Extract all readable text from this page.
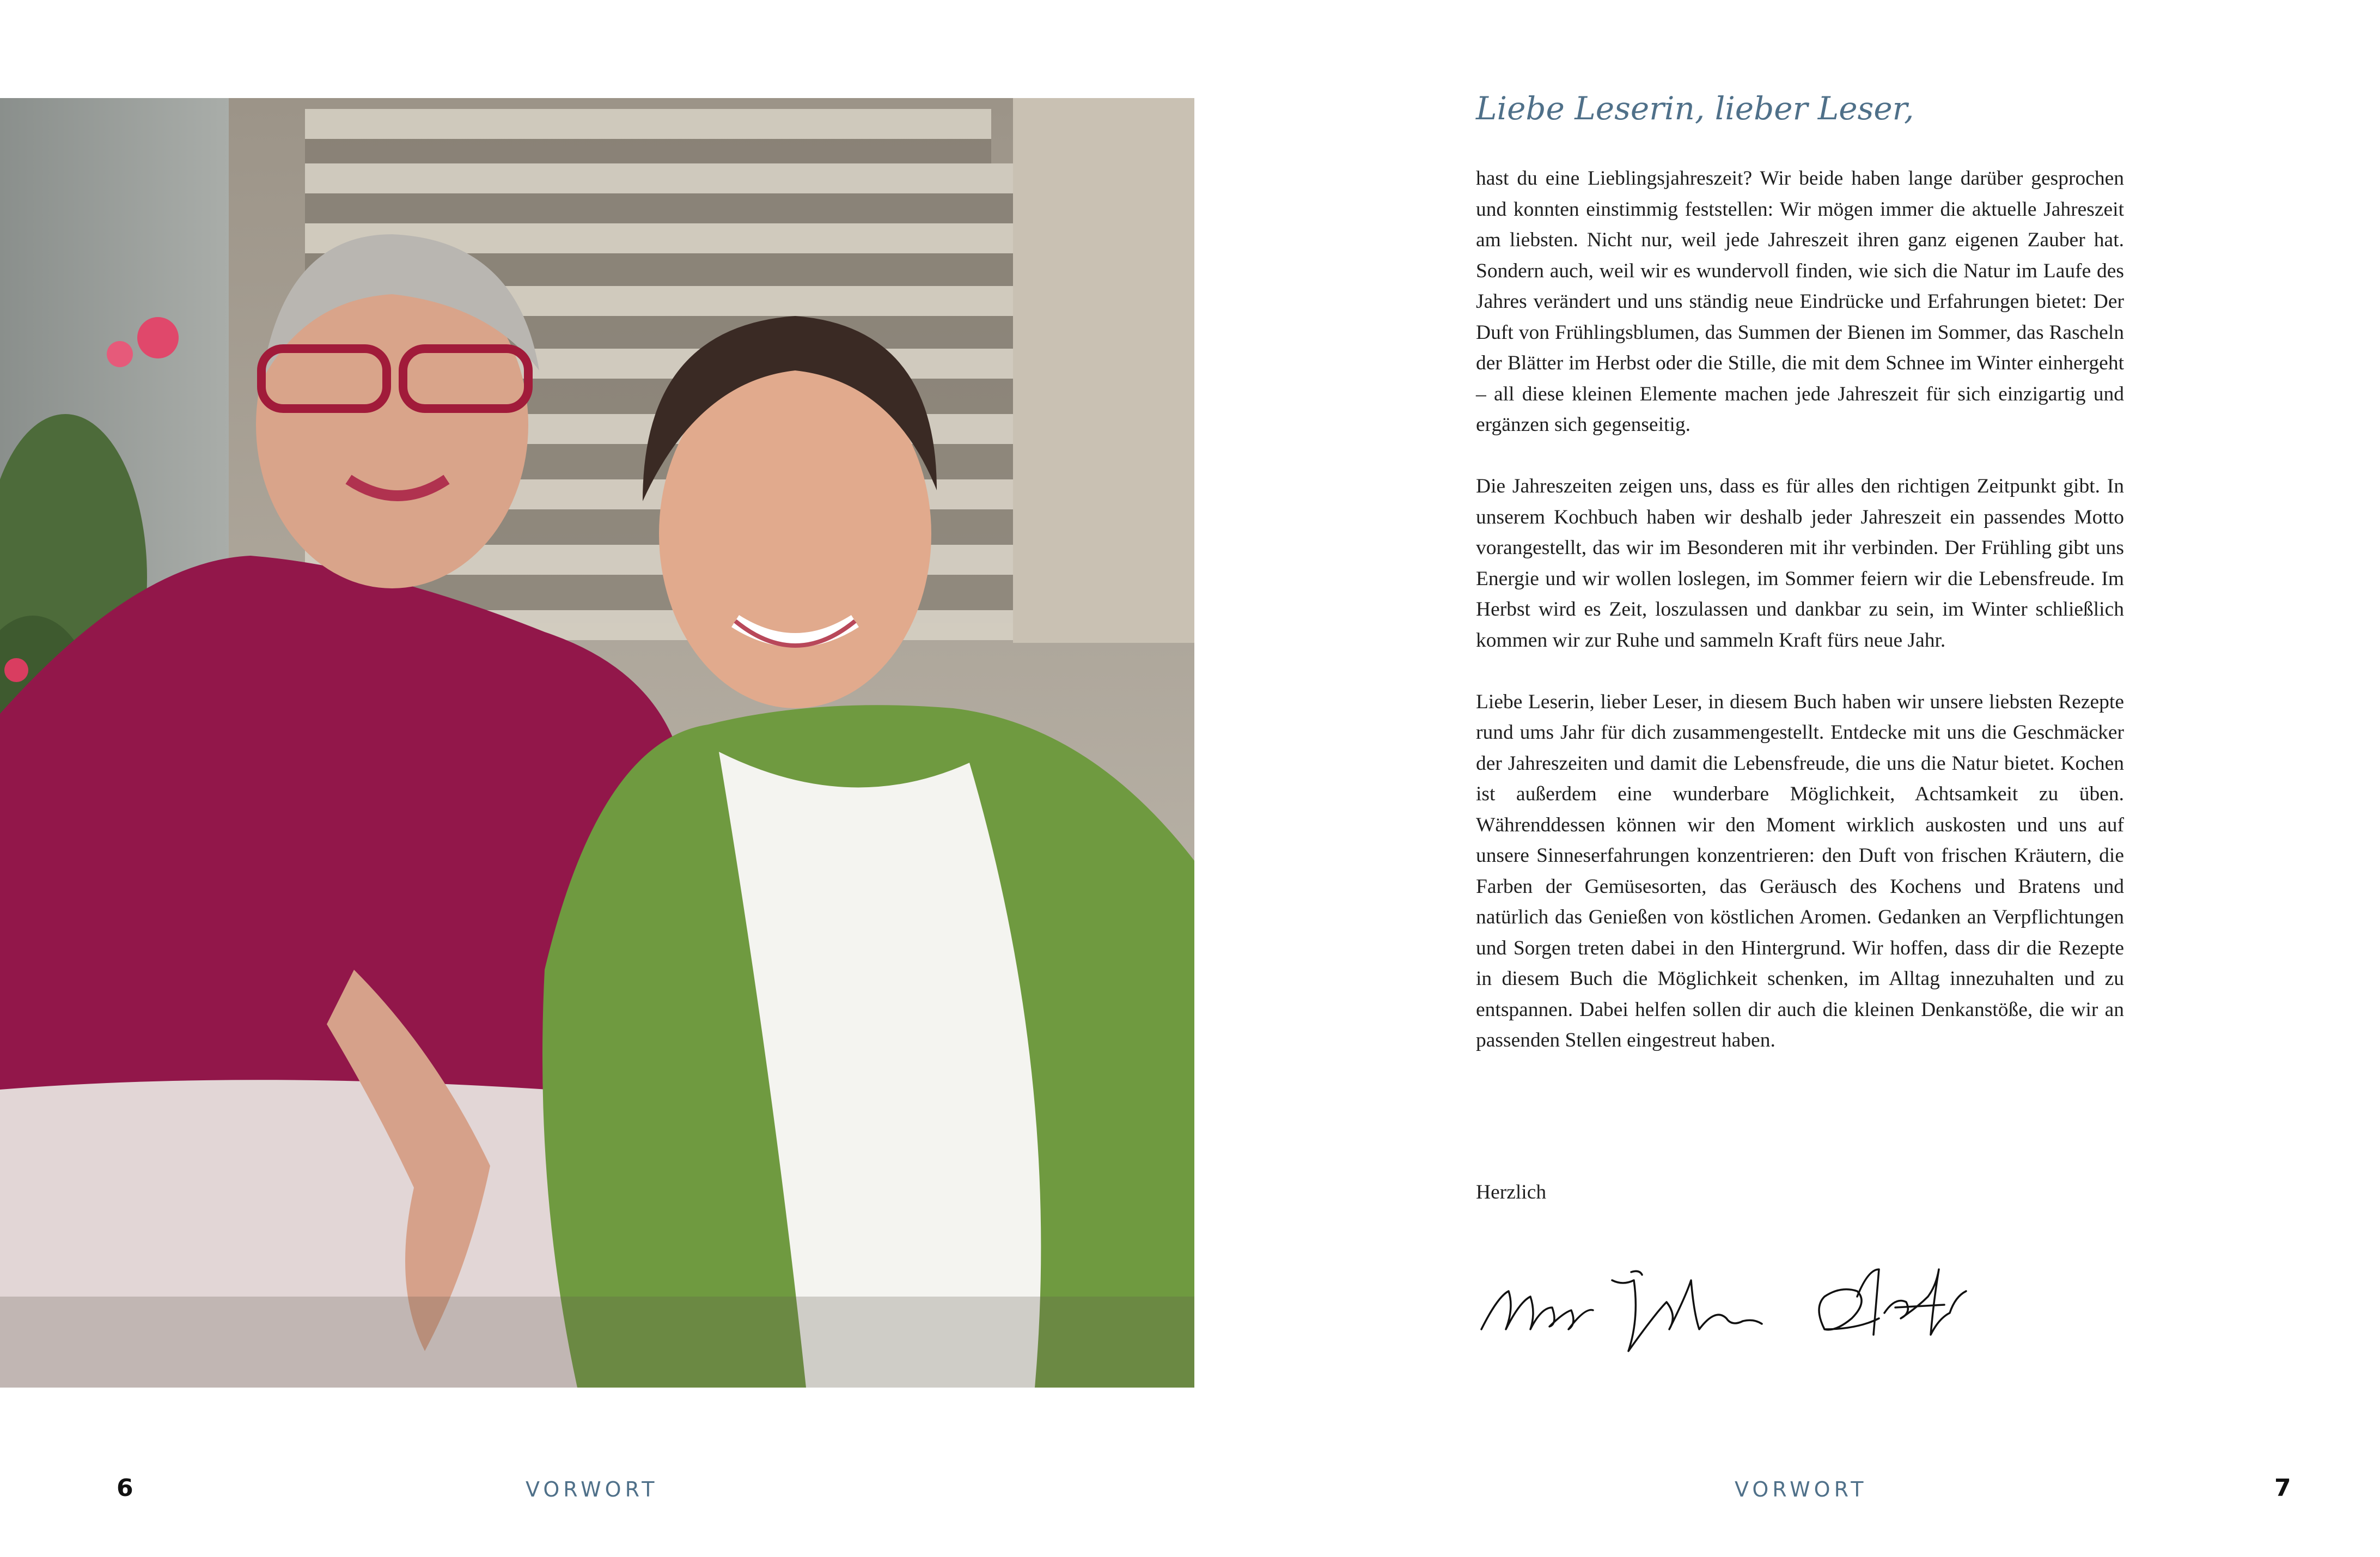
VORWORT
6
Liebe Leserin, lieber Leser,

hast du eine Lieblingsjahreszeit? Wir beide haben lange darüber gesprochen und konnten einstimmig feststellen: Wir mögen immer die aktuelle Jahreszeit am liebsten. Nicht nur, weil jede Jahreszeit ihren ganz eigenen Zauber hat. Sondern auch, weil wir es wundervoll finden, wie sich die Natur im Laufe des Jahres verändert und uns ständig neue Eindrücke und Erfahrungen bietet: Der Duft von Frühlingsblumen, das Summen der Bienen im Sommer, das Rascheln der Blätter im Herbst oder die Stille, die mit dem Schnee im Winter einhergeht – all diese kleinen Elemente machen jede Jahreszeit für sich einzigartig und ergänzen sich gegenseitig.

Die Jahreszeiten zeigen uns, dass es für alles den richtigen Zeitpunkt gibt. In unserem Kochbuch haben wir deshalb jeder Jahreszeit ein passendes Motto vorangestellt, das wir im Besonderen mit ihr verbinden. Der Frühling gibt uns Energie und wir wollen loslegen, im Sommer feiern wir die Lebensfreude. Im Herbst wird es Zeit, loszulassen und dankbar zu sein, im Winter schließlich kommen wir zur Ruhe und sammeln Kraft fürs neue Jahr.

Liebe Leserin, lieber Leser, in diesem Buch haben wir unsere liebsten Rezepte rund ums Jahr für dich zusammengestellt. Entdecke mit uns die Geschmäcker der Jahreszeiten und damit die Lebensfreude, die uns die Natur bietet. Kochen ist außerdem eine wunderbare Möglichkeit, Achtsamkeit zu üben. Währenddessen können wir den Moment wirklich auskosten und uns auf unsere Sinneserfahrungen konzentrieren: den Duft von frischen Kräutern, die Farben der Gemüsesorten, das Geräusch des Kochens und Bratens und natürlich das Genießen von köstlichen Aromen. Gedanken an Verpflichtungen und Sorgen treten dabei in den Hintergrund. Wir hoffen, dass dir die Rezepte in diesem Buch die Möglichkeit schenken, im Alltag innezuhalten und zu entspannen. Dabei helfen sollen dir auch die kleinen Denkanstöße, die wir an passenden Stellen eingestreut haben.

Herzlich
VORWORT	7
